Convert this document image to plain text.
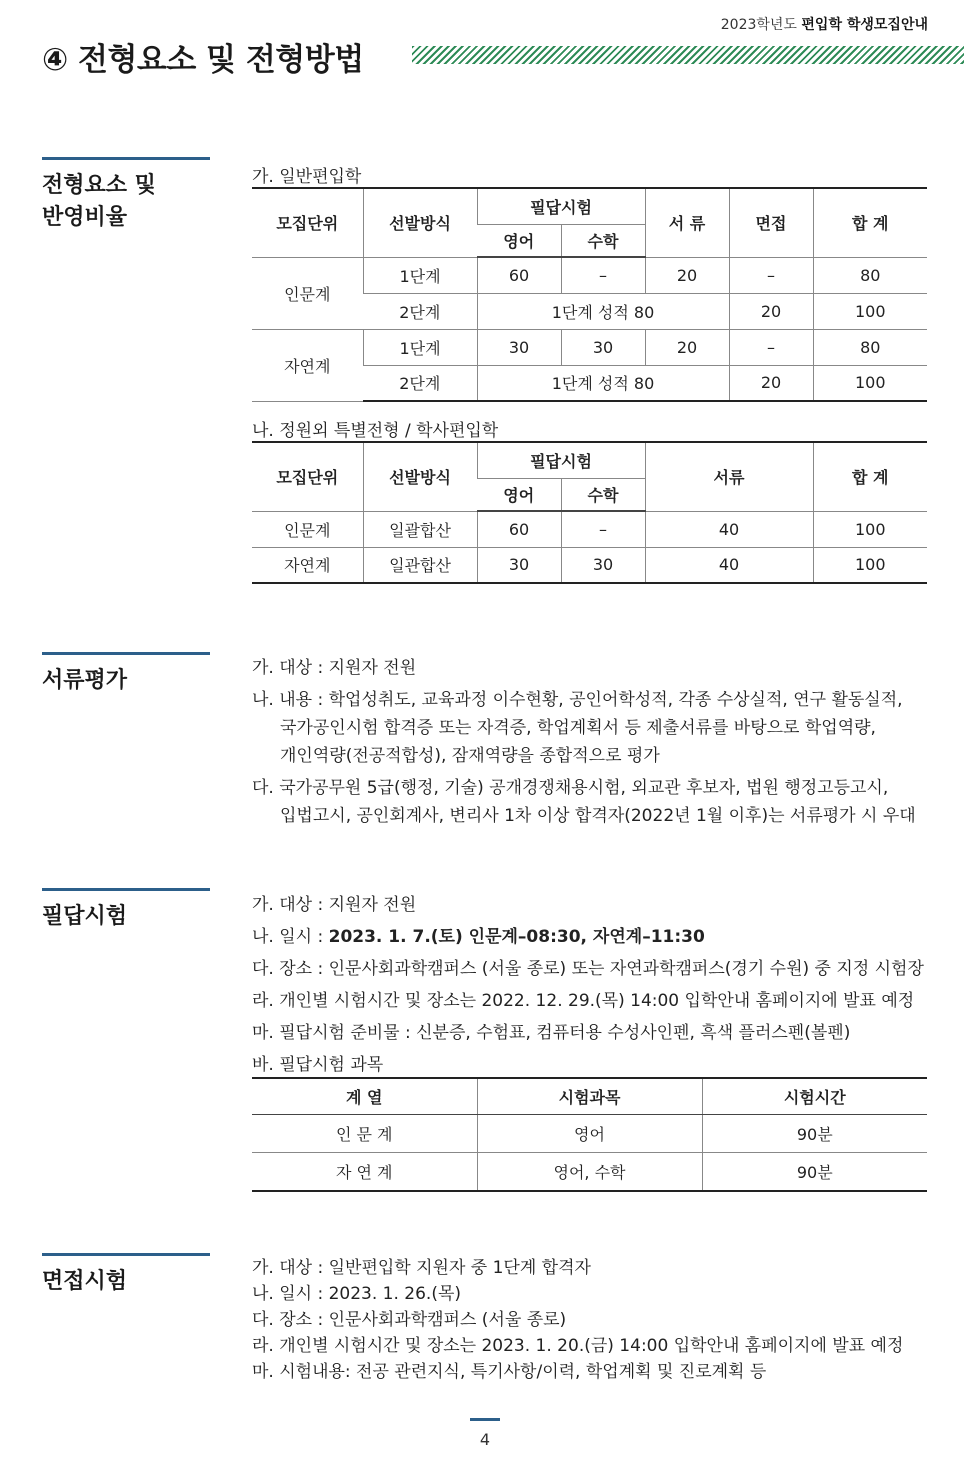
2023학년도 편입학 학생모집안내
④ 전형요소 및 전형방법
전형요소 및
반영비율
가. 일반편입학
모집단위	선발방식	필답시험		서 류	면접	합 계
		영어	수학			
인문계	1단계	60	–	20	–	80
	2단계	1단계 성적 80			20	100
자연계	1단계	30	30	20	–	80
	2단계	1단계 성적 80			20	100
나. 정원외 특별전형 / 학사편입학
모집단위	선발방식	필답시험		서류	합 계
		영어	수학		
인문계	일괄합산	60	–	40	100
자연계	일관합산	30	30	40	100
서류평가	가. 대상 : 지원자 전원
나. 내용 : 학업성취도, 교육과정 이수현황, 공인어학성적, 각종 수상실적, 연구 활동실적,
국가공인시험 합격증 또는 자격증, 학업계획서 등 제출서류를 바탕으로 학업역량,
개인역량(전공적합성), 잠재역량을 종합적으로 평가
다. 국가공무원 5급(행정, 기술) 공개경쟁채용시험, 외교관 후보자, 법원 행정고등고시,
입법고시, 공인회계사, 변리사 1차 이상 합격자(2022년 1월 이후)는 서류평가 시 우대
필답시험	가. 대상 : 지원자 전원
나. 일시 : 2023. 1. 7.(토) 인문계–08:30, 자연계–11:30
다. 장소 : 인문사회과학캠퍼스 (서울 종로) 또는 자연과학캠퍼스(경기 수원) 중 지정 시험장
라. 개인별 시험시간 및 장소는 2022. 12. 29.(목) 14:00 입학안내 홈페이지에 발표 예정
마. 필답시험 준비물 : 신분증, 수험표, 컴퓨터용 수성사인펜, 흑색 플러스펜(볼펜)
바. 필답시험 과목
계 열	시험과목	시험시간
인 문 계	영어	90분
자 연 계	영어, 수학	90분
면접시험
가. 대상 : 일반편입학 지원자 중 1단계 합격자
나. 일시 : 2023. 1. 26.(목)
다. 장소 : 인문사회과학캠퍼스 (서울 종로)
라. 개인별 시험시간 및 장소는 2023. 1. 20.(금) 14:00 입학안내 홈페이지에 발표 예정
마. 시험내용: 전공 관련지식, 특기사항/이력, 학업계획 및 진로계획 등
4
